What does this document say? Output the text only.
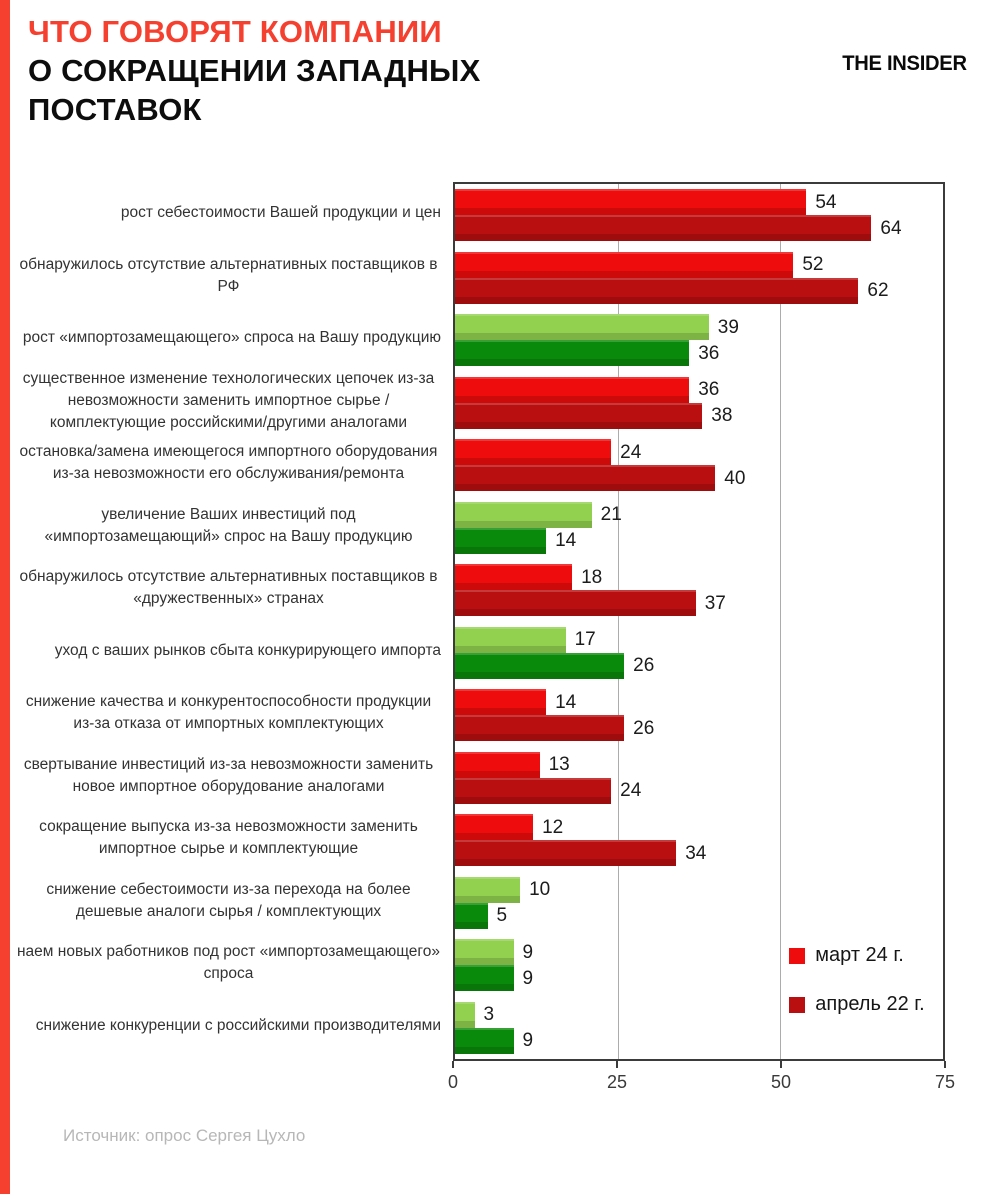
ЧТО ГОВОРЯТ КОМПАНИИ
О СОКРАЩЕНИИ ЗАПАДНЫХ ПОСТАВОК
THE INSIDER
рост себестоимости Вашей продукции и цен
обнаружилось отсутствие альтернативных поставщиков в РФ
рост «импортозамещающего» спроса на Вашу продукцию
существенное изменение технологических цепочек из-за невозможности заменить импортное сырье / комплектующие российскими/другими аналогами
остановка/замена имеющегося импортного оборудования из-за невозможности его обслуживания/ремонта
увеличение Ваших инвестиций под «импортозамещающий» спрос на Вашу продукцию
обнаружилось отсутствие альтернативных поставщиков в «дружественных» странах
уход с ваших рынков сбыта конкурирующего импорта
снижение качества и конкурентоспособности продукции из-за отказа от импортных комплектующих
свертывание инвестиций из-за невозможности заменить новое импортное оборудование аналогами
сокращение выпуска из-за невозможности заменить импортное сырье и комплектующие
снижение себестоимости из-за перехода на более дешевые аналоги сырья / комплектующих
наем новых работников под рост «импортозамещающего» спроса
снижение конкуренции с российскими производителями
54
64
52
62
39
36
36
38
24
40
21
14
18
37
17
26
14
26
13
24
12
34
10
5
9
9
3
9
март 24 г.
апрель 22 г.
0	25	50	75
Источник: опрос Сергея Цухло
